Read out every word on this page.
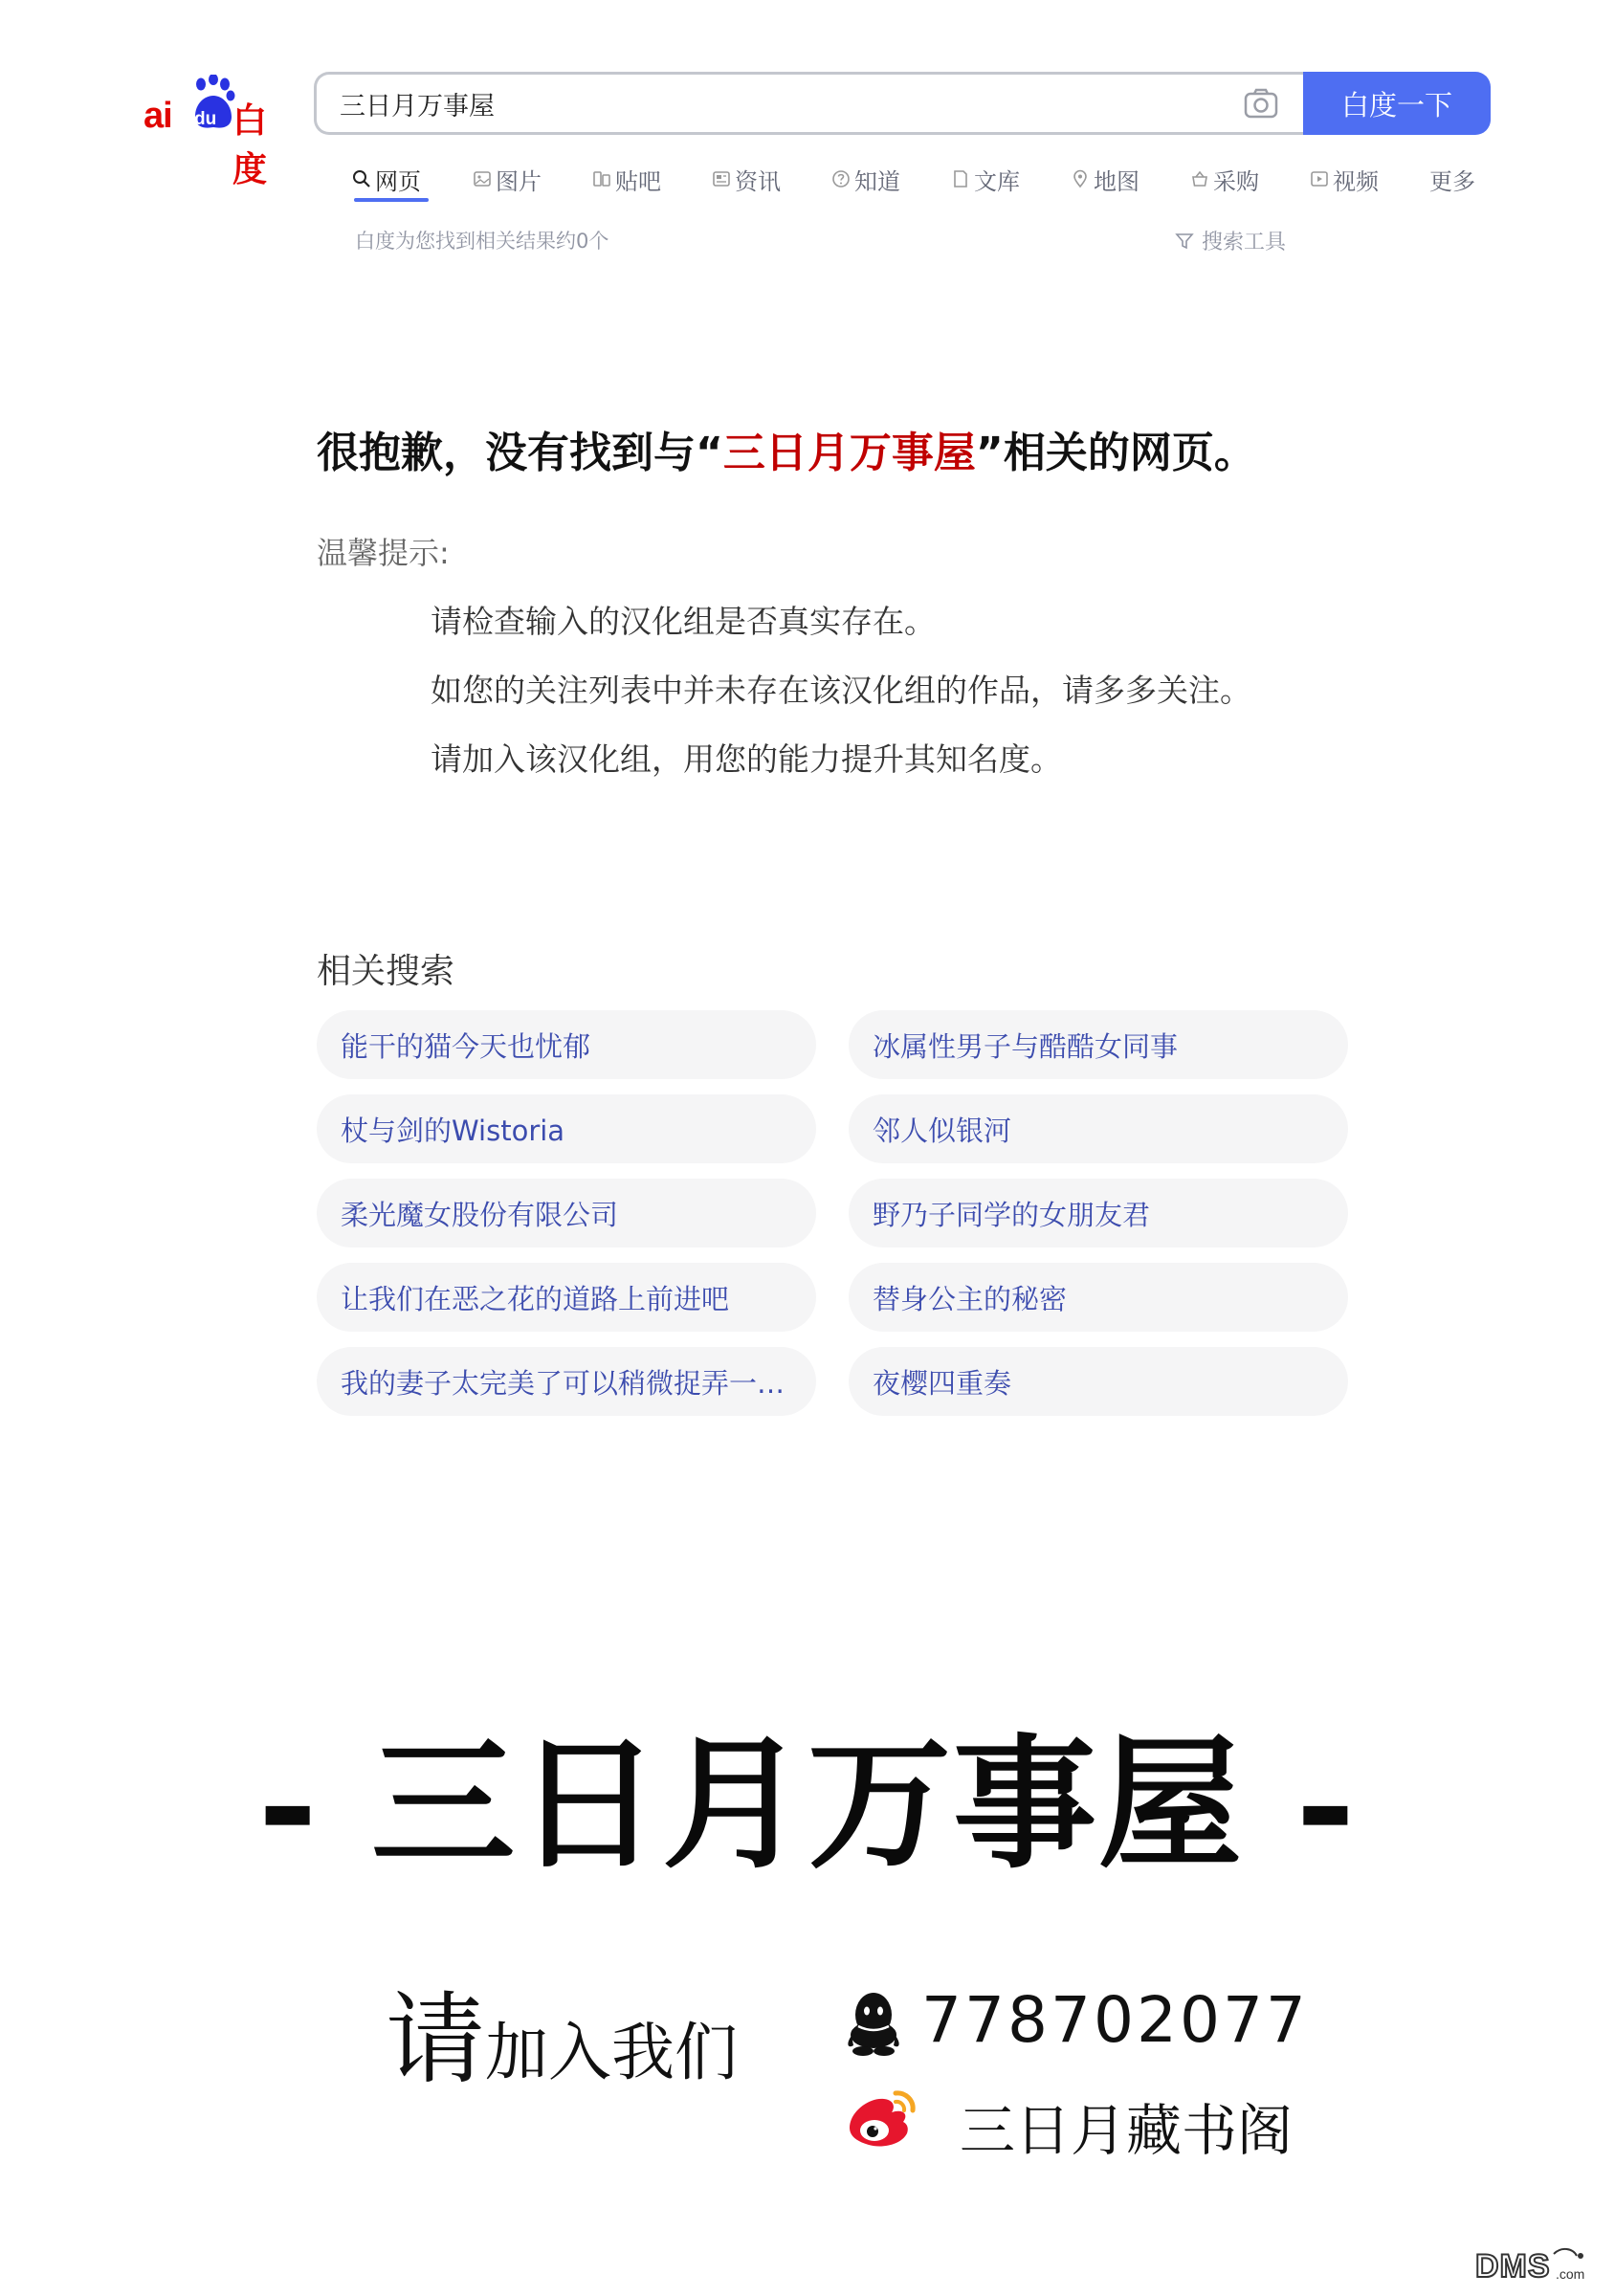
ai du 白度
三日月万事屋
白度一下
网页	图片	贴吧	资讯	知道	文库	地图	采购	视频 更多
白度为您找到相关结果约0个	搜索工具
很抱歉，没有找到与“三日月万事屋”相关的网页。
温馨提示:
请检查输入的汉化组是否真实存在。
如您的关注列表中并未存在该汉化组的作品，请多多关注。
请加入该汉化组，用您的能力提升其知名度。
相关搜索
能干的猫今天也忧郁	冰属性男子与酷酷女同事
杖与剑的Wistoria	邻人似银河
柔光魔女股份有限公司	野乃子同学的女朋友君
让我们在恶之花的道路上前进吧	替身公主的秘密
我的妻子太完美了可以稍微捉弄一…	夜樱四重奏
- 三日月万事屋 -
请加入我们	778702077
三日月藏书阁
DMS .com
